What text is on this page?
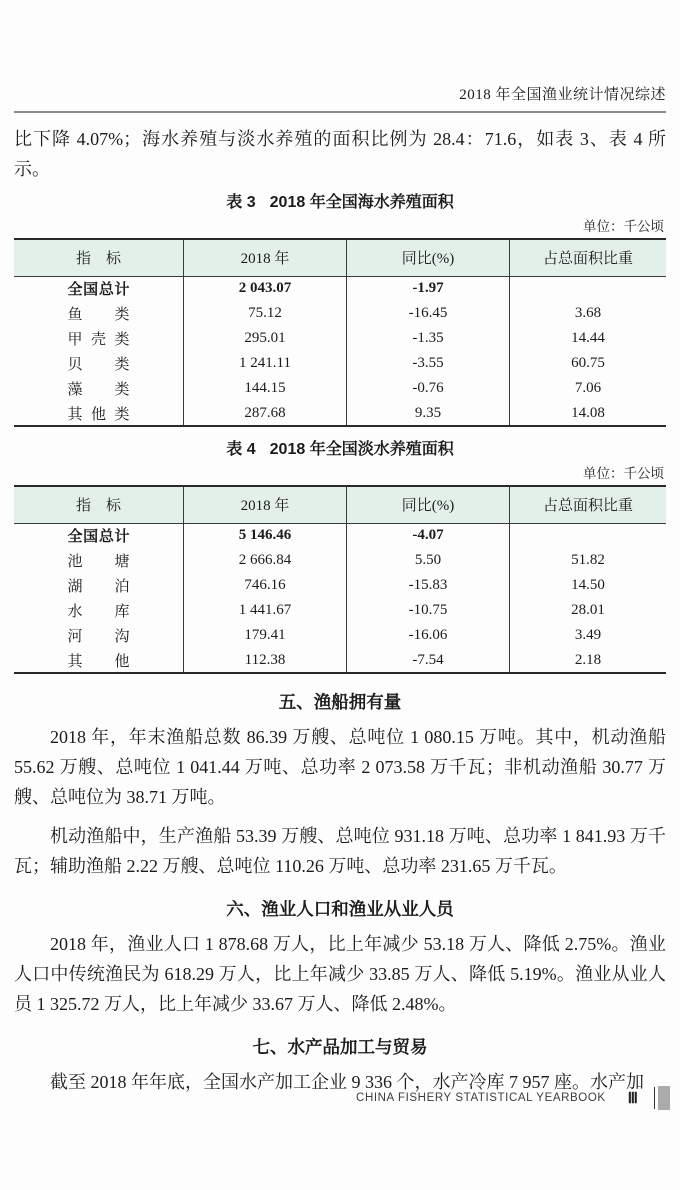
2018 年全国渔业统计情况综述

比下降 4.07%；海水养殖与淡水养殖的面积比例为 28.4：71.6，如表 3、表 4 所示。

表 3 2018 年全国海水养殖面积
单位：千公顷
指　标	2018 年	同比(%)	占总面积比重
全国总计	2 043.07	-1.97	
鱼类	75.12	-16.45	3.68
甲壳类	295.01	-1.35	14.44
贝类	1 241.11	-3.55	60.75
藻类	144.15	-0.76	7.06
其他类	287.68	9.35	14.08
表 4 2018 年全国淡水养殖面积
单位：千公顷
指　标	2018 年	同比(%)	占总面积比重
全国总计	5 146.46	-4.07	
池塘	2 666.84	5.50	51.82
湖泊	746.16	-15.83	14.50
水库	1 441.67	-10.75	28.01
河沟	179.41	-16.06	3.49
其他	112.38	-7.54	2.18
五、渔船拥有量

2018 年，年末渔船总数 86.39 万艘、总吨位 1 080.15 万吨。其中，机动渔船 55.62 万艘、总吨位 1 041.44 万吨、总功率 2 073.58 万千瓦；非机动渔船 30.77 万艘、总吨位为 38.71 万吨。

机动渔船中，生产渔船 53.39 万艘、总吨位 931.18 万吨、总功率 1 841.93 万千瓦；辅助渔船 2.22 万艘、总吨位 110.26 万吨、总功率 231.65 万千瓦。

六、渔业人口和渔业从业人员

2018 年，渔业人口 1 878.68 万人，比上年减少 53.18 万人、降低 2.75%。渔业人口中传统渔民为 618.29 万人，比上年减少 33.85 万人、降低 5.19%。渔业从业人员 1 325.72 万人，比上年减少 33.67 万人、降低 2.48%。

七、水产品加工与贸易

截至 2018 年年底，全国水产加工企业 9 336 个，水产冷库 7 957 座。水产加

CHINA FISHERY STATISTICAL YEARBOOK Ⅲ
